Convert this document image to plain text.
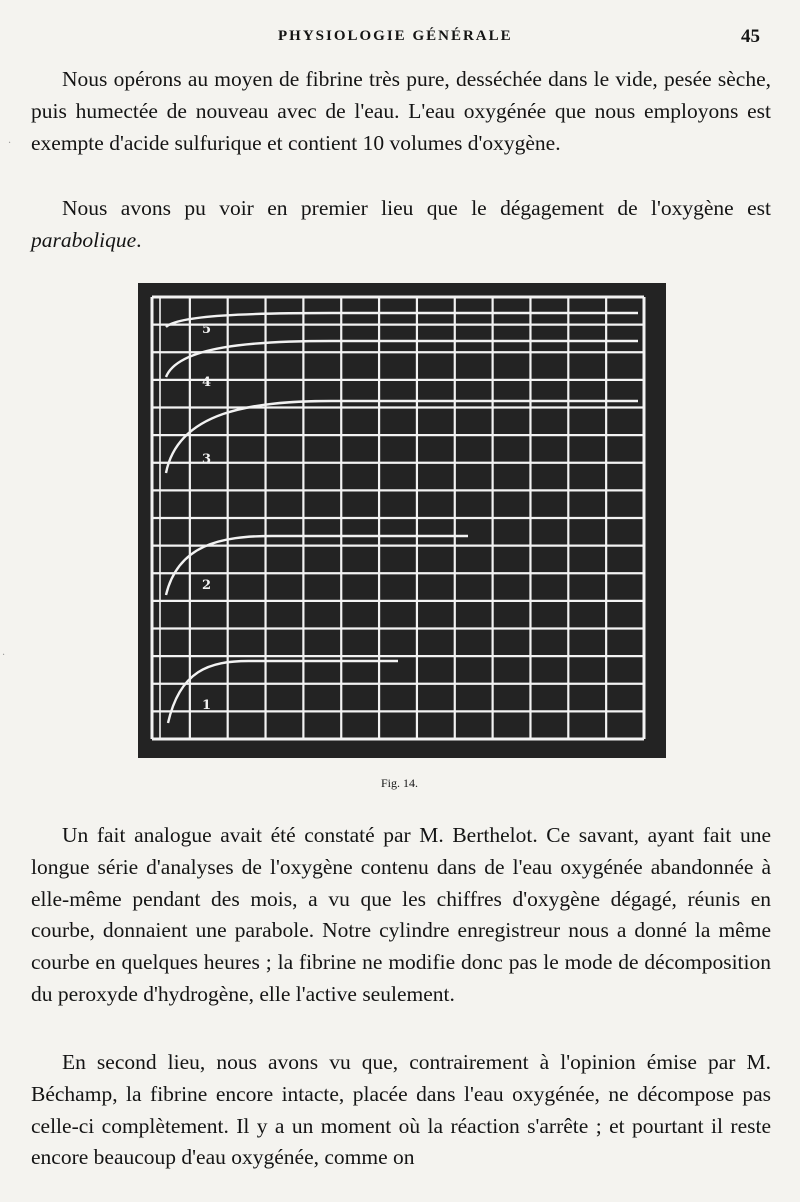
PHYSIOLOGIE GÉNÉRALE	45

Nous opérons au moyen de fibrine très pure, desséchée dans le vide, pesée sèche, puis humectée de nouveau avec de l'eau. L'eau oxygénée que nous employons est exempte d'acide sulfurique et contient 10 volumes d'oxygène.

Nous avons pu voir en premier lieu que le dégagement de l'oxygène est parabolique.

1
2
3
4
5
Fig. 14.

Un fait analogue avait été constaté par M. Berthelot. Ce savant, ayant fait une longue série d'analyses de l'oxygène contenu dans de l'eau oxygénée abandonnée à elle-même pendant des mois, a vu que les chiffres d'oxygène dégagé, réunis en courbe, donnaient une parabole. Notre cylindre enregistreur nous a donné la même courbe en quelques heures ; la fibrine ne modifie donc pas le mode de décomposition du peroxyde d'hydrogène, elle l'active seulement.

En second lieu, nous avons vu que, contrairement à l'opinion émise par M. Béchamp, la fibrine encore intacte, placée dans l'eau oxygénée, ne décompose pas celle-ci complètement. Il y a un moment où la réaction s'arrête ; et pourtant il reste encore beaucoup d'eau oxygénée, comme on

·
·
